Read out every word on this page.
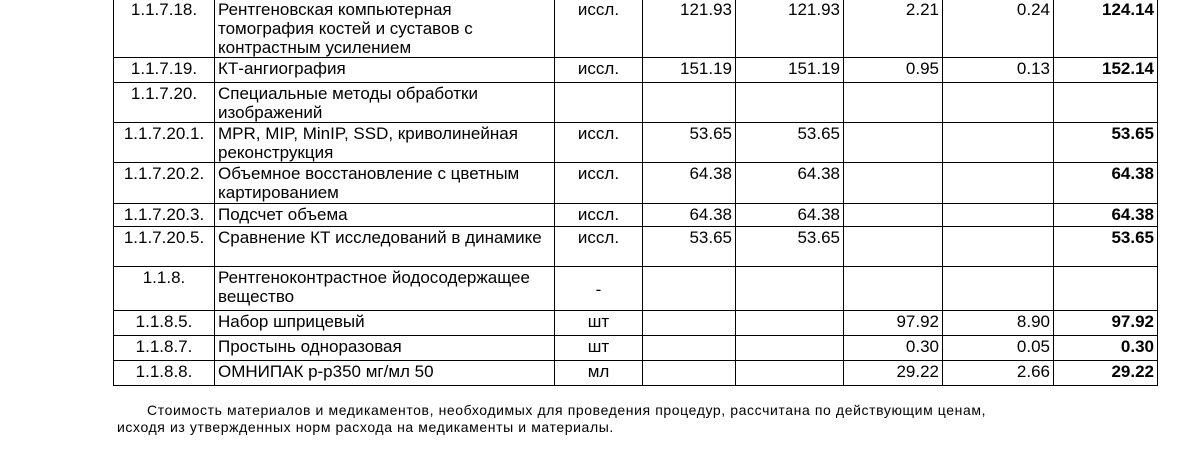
1.1.7.18.	Рентгеновская компьютерная томография костей и суставов с контрастным усилением	иссл.	121.93	121.93	2.21	0.24	124.14
1.1.7.19.	КТ-ангиография	иссл.	151.19	151.19	0.95	0.13	152.14
1.1.7.20.	Специальные методы обработки изображений						
1.1.7.20.1.	MPR, MIP, MinIP, SSD, криволинейная реконструкция	иссл.	53.65	53.65			53.65
1.1.7.20.2.	Объемное восстановление с цветным картированием	иссл.	64.38	64.38			64.38
1.1.7.20.3.	Подсчет объема	иссл.	64.38	64.38			64.38
1.1.7.20.5.	Сравнение КТ исследований в динамике	иссл.	53.65	53.65			53.65
1.1.8.	Рентгеноконтрастное йодосодержащее вещество	-					
1.1.8.5.	Набор шприцевый	шт			97.92	8.90	97.92
1.1.8.7.	Простынь одноразовая	шт			0.30	0.05	0.30
1.1.8.8.	ОМНИПАК р-р350 мг/мл 50	мл			29.22	2.66	29.22

Стоимость материалов и медикаментов, необходимых для проведения процедур, рассчитана по действующим ценам,

исходя из утвержденных норм расхода на медикаменты и материалы.
